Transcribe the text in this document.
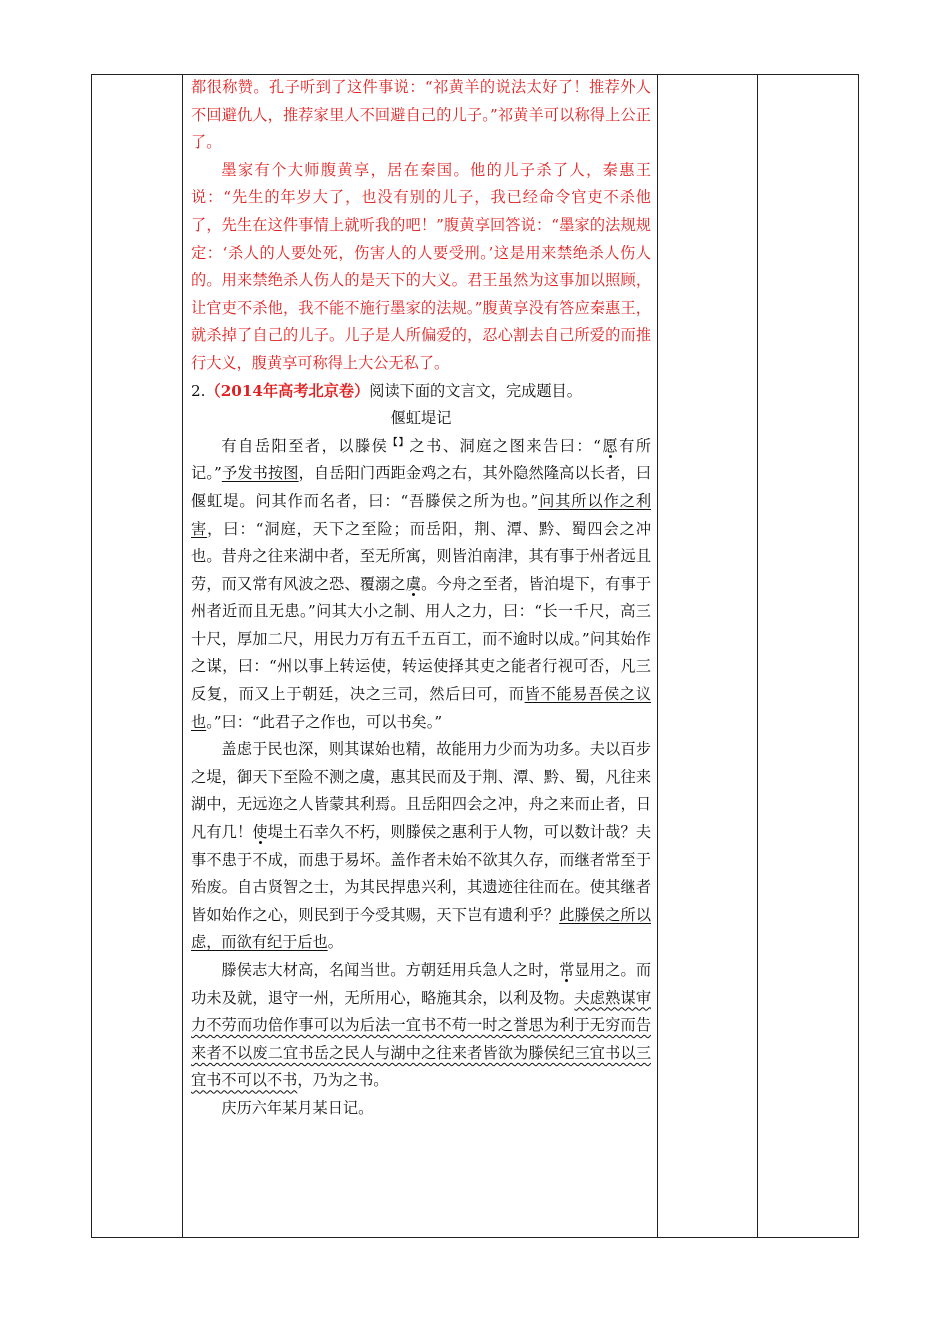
都很称赞。孔子听到了这件事说：“祁黄羊的说法太好了！推荐外人不回避仇人，推荐家里人不回避自己的儿子。”祁黄羊可以称得上公正了。

墨家有个大师腹黄享，居在秦国。他的儿子杀了人，秦惠王说：“先生的年岁大了，也没有别的儿子，我已经命令官吏不杀他了，先生在这件事情上就听我的吧！”腹黄享回答说：“墨家的法规规定：‘杀人的人要处死，伤害人的人要受刑。’这是用来禁绝杀人伤人的。用来禁绝杀人伤人的是天下的大义。君王虽然为这事加以照顾，让官吏不杀他，我不能不施行墨家的法规。”腹黄享没有答应秦惠王，就杀掉了自己的儿子。儿子是人所偏爱的，忍心割去自己所爱的而推行大义，腹黄享可称得上大公无私了。

2.（2014年高考北京卷）阅读下面的文言文，完成题目。

偃虹堤记

有自岳阳至者，以滕侯【】之书、洞庭之图来告曰：“愿有所记。”予发书按图，自岳阳门西距金鸡之右，其外隐然隆高以长者，曰偃虹堤。问其作而名者，曰：“吾滕侯之所为也。”问其所以作之利害，曰：“洞庭，天下之至险；而岳阳，荆、潭、黔、蜀四会之冲也。昔舟之往来湖中者，至无所寓，则皆泊南津，其有事于州者远且劳，而又常有风波之恐、覆溺之虞。今舟之至者，皆泊堤下，有事于州者近而且无患。”问其大小之制、用人之力，曰：“长一千尺，高三十尺，厚加二尺，用民力万有五千五百工，而不逾时以成。”问其始作之谋，曰：“州以事上转运使，转运使择其吏之能者行视可否，凡三反复，而又上于朝廷，决之三司，然后曰可，而皆不能易吾侯之议也。”曰：“此君子之作也，可以书矣。”

盖虑于民也深，则其谋始也精，故能用力少而为功多。夫以百步之堤，御天下至险不测之虞，惠其民而及于荆、潭、黔、蜀，凡往来湖中，无远迩之人皆蒙其利焉。且岳阳四会之冲，舟之来而止者，日凡有几！使堤土石幸久不朽，则滕侯之惠利于人物，可以数计哉？夫事不患于不成，而患于易坏。盖作者未始不欲其久存，而继者常至于殆废。自古贤智之士，为其民捍患兴利，其遗迹往往而在。使其继者皆如始作之心，则民到于今受其赐，天下岂有遗利乎？此滕侯之所以虑，而欲有纪于后也。

滕侯志大材高，名闻当世。方朝廷用兵急人之时，常显用之。而功未及就，退守一州，无所用心，略施其余，以利及物。夫虑熟谋审力不劳而功倍作事可以为后法一宜书不苟一时之誉思为利于无穷而告来者不以废二宜书岳之民人与湖中之往来者皆欲为滕侯纪三宜书以三宜书不可以不书，乃为之书。

庆历六年某月某日记。
